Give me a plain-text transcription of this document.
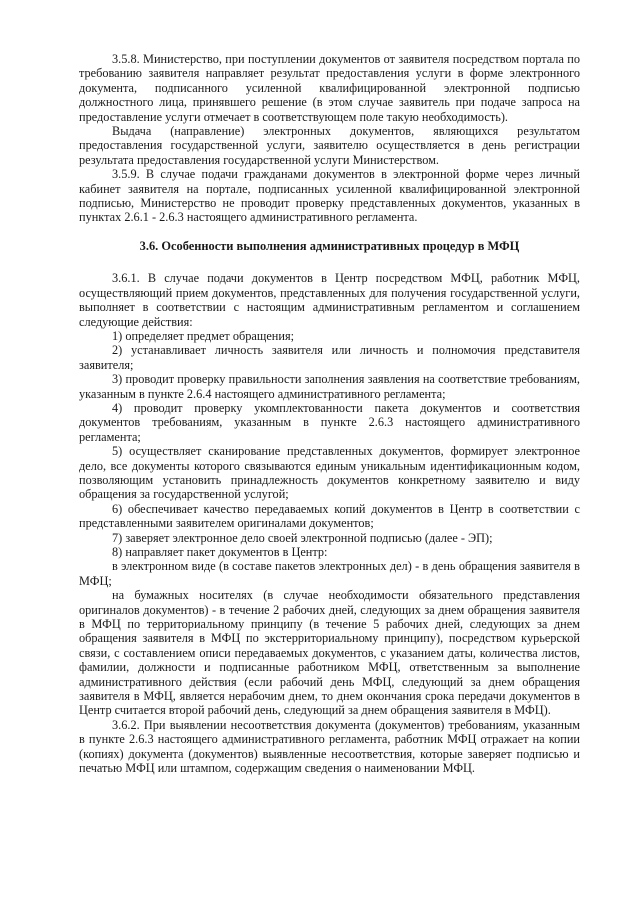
3.5.8. Министерство, при поступлении документов от заявителя посредством портала по требованию заявителя направляет результат предоставления услуги в форме электронного документа, подписанного усиленной квалифицированной электронной подписью должностного лица, принявшего решение (в этом случае заявитель при подаче запроса на предоставление услуги отмечает в соответствующем поле такую необходимость).

Выдача (направление) электронных документов, являющихся результатом предоставления государственной услуги, заявителю осуществляется в день регистрации результата предоставления государственной услуги Министерством.

3.5.9. В случае подачи гражданами документов в электронной форме через личный кабинет заявителя на портале, подписанных усиленной квалифицированной электронной подписью, Министерство не проводит проверку представленных документов, указанных в пунктах 2.6.1 - 2.6.3 настоящего административного регламента.

3.6. Особенности выполнения административных процедур в МФЦ

3.6.1. В случае подачи документов в Центр посредством МФЦ, работник МФЦ, осуществляющий прием документов, представленных для получения государственной услуги, выполняет в соответствии с настоящим административным регламентом и соглашением следующие действия:

1) определяет предмет обращения;

2) устанавливает личность заявителя или личность и полномочия представителя заявителя;

3) проводит проверку правильности заполнения заявления на соответствие требованиям, указанным в пункте 2.6.4 настоящего административного регламента;

4) проводит проверку укомплектованности пакета документов и соответствия документов требованиям, указанным в пункте 2.6.3 настоящего административного регламента;

5) осуществляет сканирование представленных документов, формирует электронное дело, все документы которого связываются единым уникальным идентификационным кодом, позволяющим установить принадлежность документов конкретному заявителю и виду обращения за государственной услугой;

6) обеспечивает качество передаваемых копий документов в Центр в соответствии с представленными заявителем оригиналами документов;

7) заверяет электронное дело своей электронной подписью (далее - ЭП);

8) направляет пакет документов в Центр:

в электронном виде (в составе пакетов электронных дел) - в день обращения заявителя в МФЦ;

на бумажных носителях (в случае необходимости обязательного представления оригиналов документов) - в течение 2 рабочих дней, следующих за днем обращения заявителя в МФЦ по территориальному принципу (в течение 5 рабочих дней, следующих за днем обращения заявителя в МФЦ по экстерриториальному принципу), посредством курьерской связи, с составлением описи передаваемых документов, с указанием даты, количества листов, фамилии, должности и подписанные работником МФЦ, ответственным за выполнение административного действия (если рабочий день МФЦ, следующий за днем обращения заявителя в МФЦ, является нерабочим днем, то днем окончания срока передачи документов в Центр считается второй рабочий день, следующий за днем обращения заявителя в МФЦ).

3.6.2. При выявлении несоответствия документа (документов) требованиям, указанным в пункте 2.6.3 настоящего административного регламента, работник МФЦ отражает на копии (копиях) документа (документов) выявленные несоответствия, которые заверяет подписью и печатью МФЦ или штампом, содержащим сведения о наименовании МФЦ.
